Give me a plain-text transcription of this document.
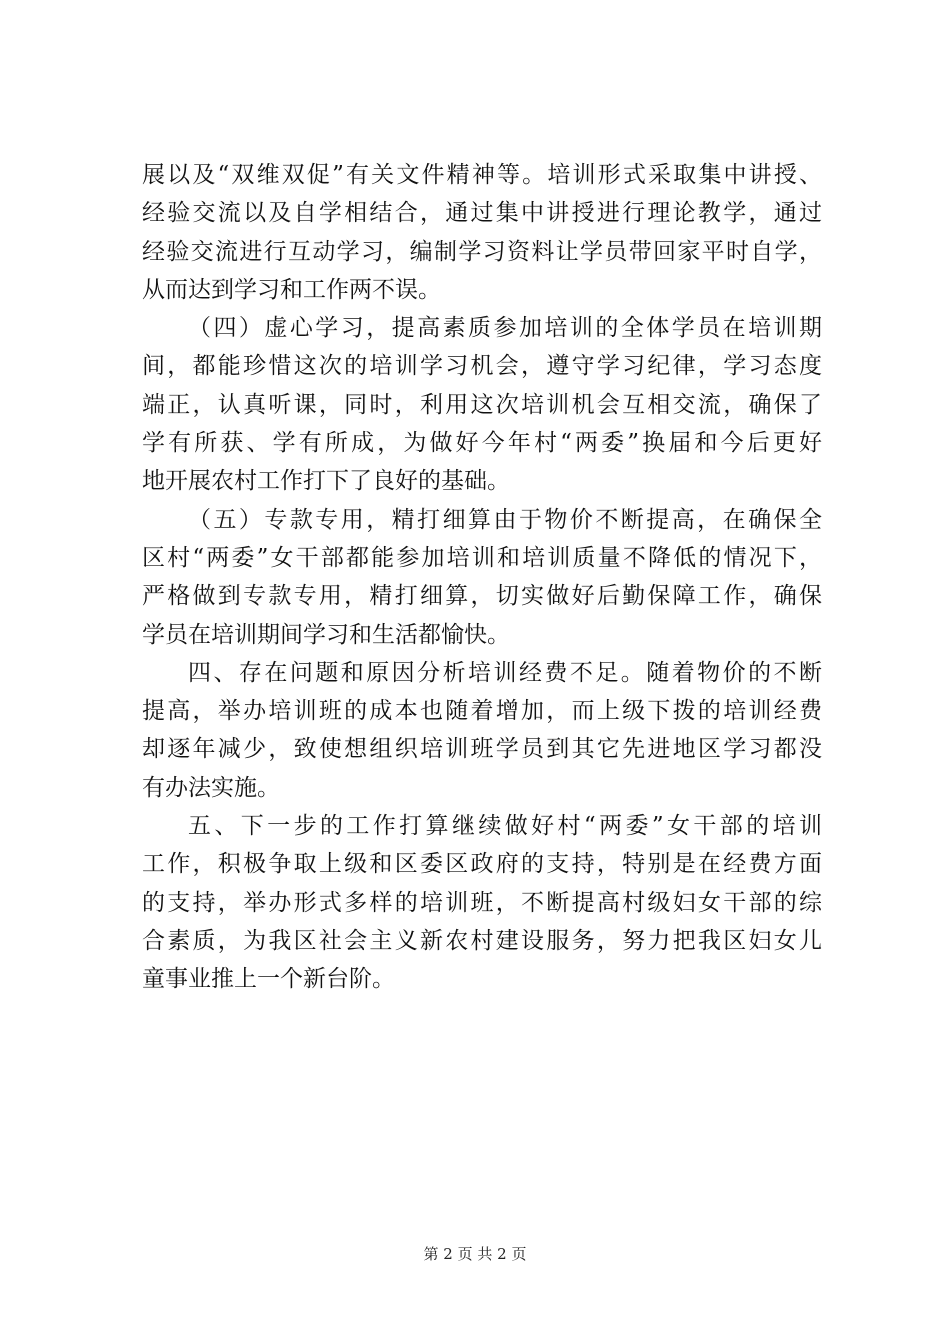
展以及“双维双促”有关文件精神等。培训形式采取集中讲授、
经验交流以及自学相结合，通过集中讲授进行理论教学，通过
经验交流进行互动学习，编制学习资料让学员带回家平时自学，
从而达到学习和工作两不误。
（四）虚心学习，提高素质参加培训的全体学员在培训期
间，都能珍惜这次的培训学习机会，遵守学习纪律，学习态度
端正，认真听课，同时，利用这次培训机会互相交流，确保了
学有所获、学有所成，为做好今年村“两委”换届和今后更好
地开展农村工作打下了良好的基础。
（五）专款专用，精打细算由于物价不断提高，在确保全
区村“两委”女干部都能参加培训和培训质量不降低的情况下，
严格做到专款专用，精打细算，切实做好后勤保障工作，确保
学员在培训期间学习和生活都愉快。
四、存在问题和原因分析培训经费不足。随着物价的不断
提高，举办培训班的成本也随着增加，而上级下拨的培训经费
却逐年减少，致使想组织培训班学员到其它先进地区学习都没
有办法实施。
五、下一步的工作打算继续做好村“两委”女干部的培训
工作，积极争取上级和区委区政府的支持，特别是在经费方面
的支持，举办形式多样的培训班，不断提高村级妇女干部的综
合素质，为我区社会主义新农村建设服务，努力把我区妇女儿
童事业推上一个新台阶。
第 2 页 共 2 页
